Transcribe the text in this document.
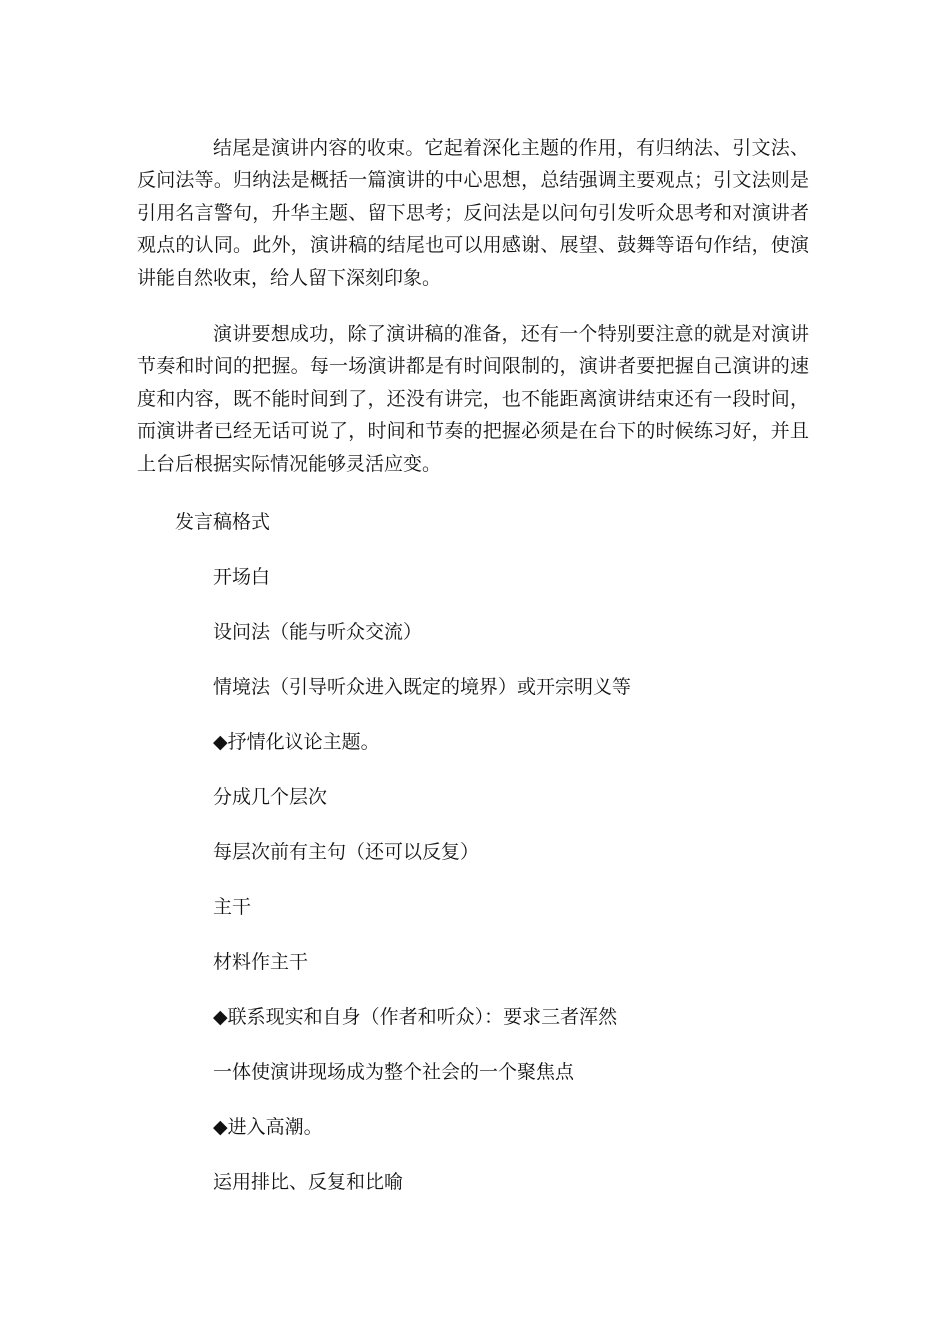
结尾是演讲内容的收束。它起着深化主题的作用，有归纳法、引文法、反问法等。归纳法是概括一篇演讲的中心思想，总结强调主要观点；引文法则是引用名言警句，升华主题、留下思考；反问法是以问句引发听众思考和对演讲者观点的认同。此外，演讲稿的结尾也可以用感谢、展望、鼓舞等语句作结，使演讲能自然收束，给人留下深刻印象。

演讲要想成功，除了演讲稿的准备，还有一个特别要注意的就是对演讲节奏和时间的把握。每一场演讲都是有时间限制的，演讲者要把握自己演讲的速度和内容，既不能时间到了，还没有讲完，也不能距离演讲结束还有一段时间，而演讲者已经无话可说了，时间和节奏的把握必须是在台下的时候练习好，并且上台后根据实际情况能够灵活应变。

发言稿格式
开场白
设问法（能与听众交流）
情境法（引导听众进入既定的境界）或开宗明义等
◆抒情化议论主题。
分成几个层次
每层次前有主句（还可以反复）
主干
材料作主干
◆联系现实和自身（作者和听众）：要求三者浑然
一体使演讲现场成为整个社会的一个聚焦点
◆进入高潮。
运用排比、反复和比喻
